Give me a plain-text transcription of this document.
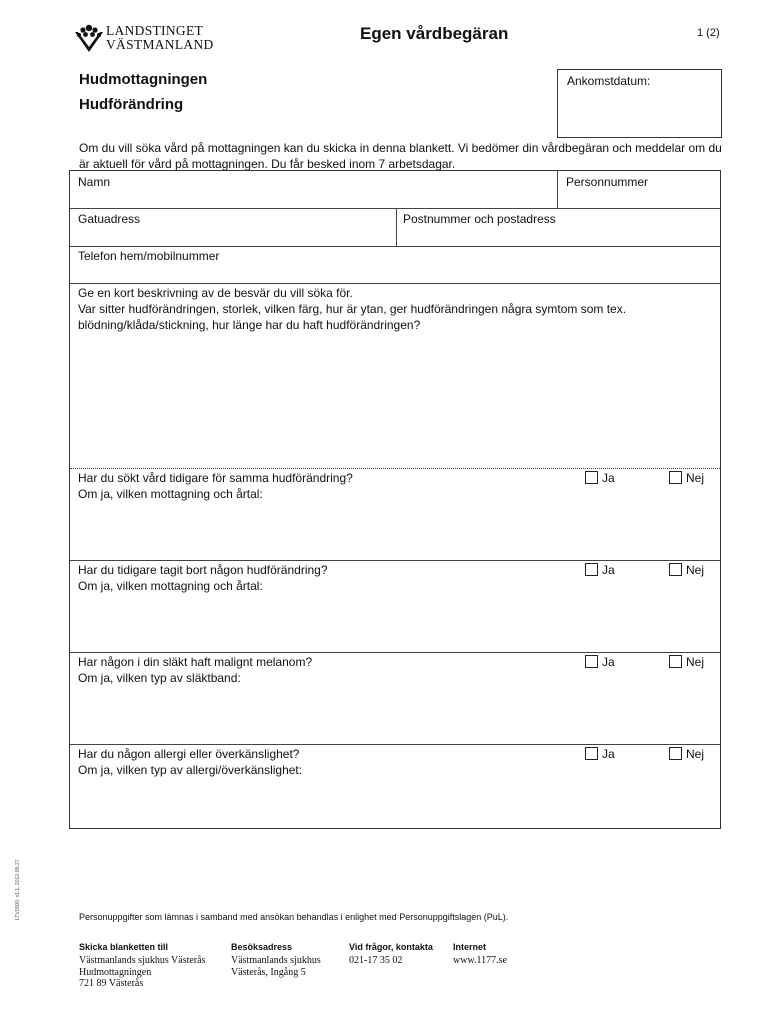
LANDSTINGET
VÄSTMANLAND
Egen vårdbegäran	1 (2)
Hudmottagningen
Hudförändring
Ankomstdatum:
Om du vill söka vård på mottagningen kan du skicka in denna blankett. Vi bedömer din vårdbegäran och meddelar om du är aktuell för vård på mottagningen. Du får besked inom 7 arbetsdagar.
Namn	Personnummer
Gatuadress	Postnummer och postadress
Telefon hem/mobilnummer
Ge en kort beskrivning av de besvär du vill söka för.
Var sitter hudförändringen, storlek, vilken färg, hur är ytan, ger hudförändringen några symtom som tex.
blödning/klåda/stickning, hur länge har du haft hudförändringen?
Har du sökt vård tidigare för samma hudförändring?
Om ja, vilken mottagning och årtal:
Ja	Nej
Har du tidigare tagit bort någon hudförändring?
Om ja, vilken mottagning och årtal:
Ja	Nej
Har någon i din släkt haft malignt melanom?
Om ja, vilken typ av släktband:
Ja	Nej
Har du någon allergi eller överkänslighet?
Om ja, vilken typ av allergi/överkänslighet:
Ja	Nej
LTV0000, v1.1, 2012-05-27	Personuppgifter som lämnas i samband med ansökan behandlas i enlighet med Personuppgiftslagen (PuL).
Skicka blanketten till
Västmanlands sjukhus Västerås
Hudmottagningen
721 89 Västerås
Besöksadress
Västmanlands sjukhus
Västerås, Ingång 5
Vid frågor, kontakta
021-17 35 02
Internet
www.1177.se
